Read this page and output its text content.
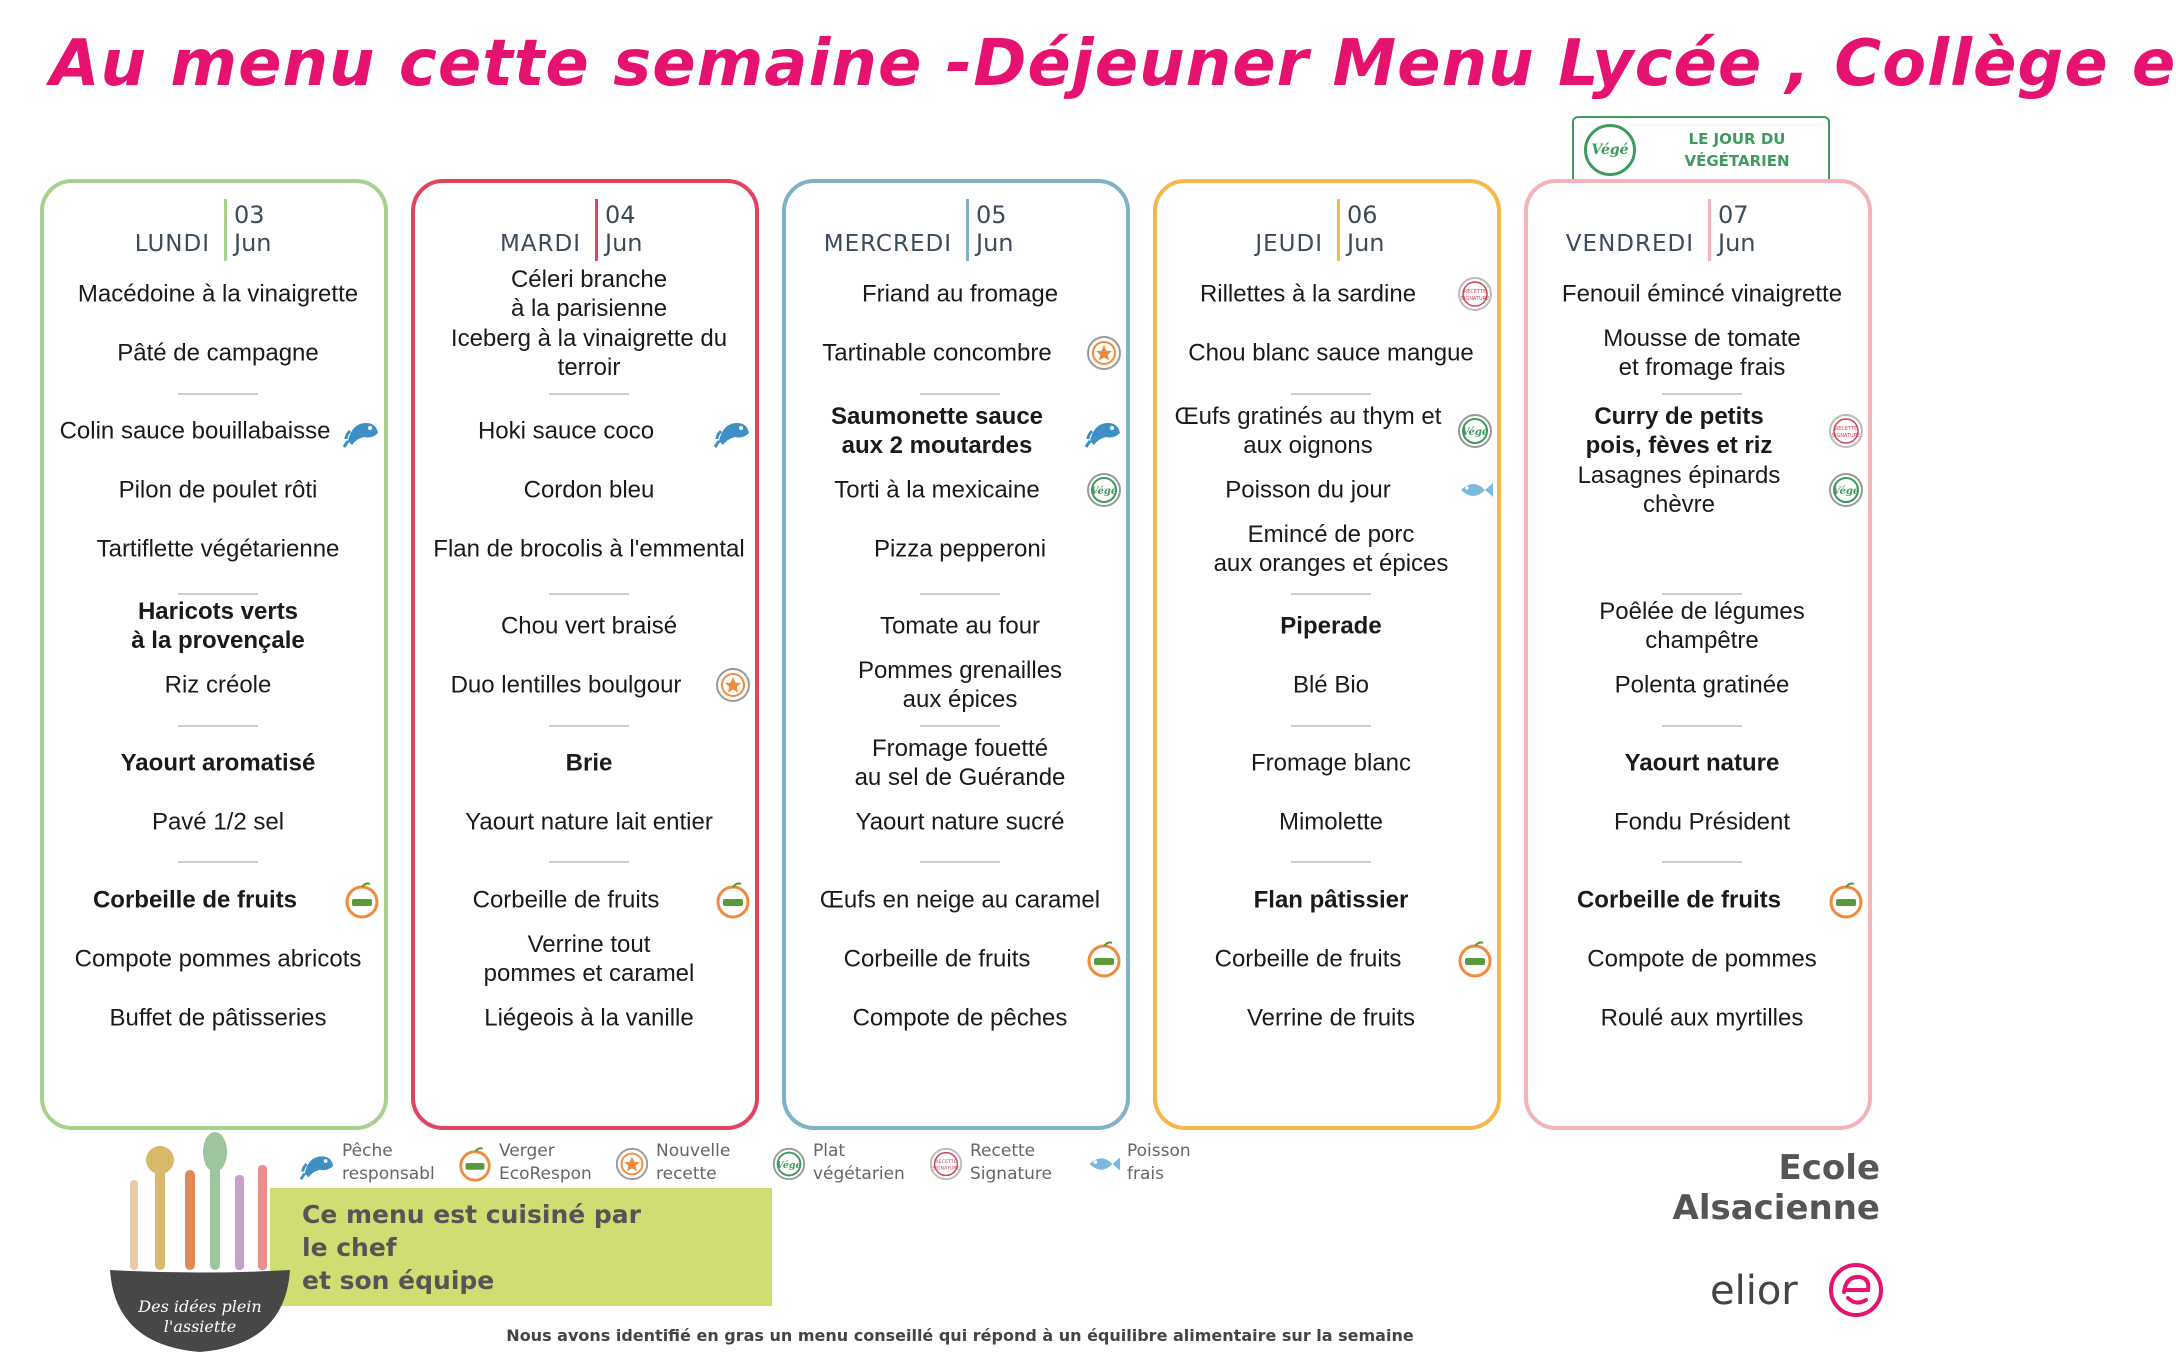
Au menu cette semaine -Déjeuner Menu Lycée , Collège e
Végé
LE JOUR DU
VÉGÉTARIEN
LUNDI
03
Jun
Macédoine à la vinaigrette
Pâté de campagne
Colin sauce bouillabaisse
Pilon de poulet rôti
Tartiflette végétarienne
Haricots verts
à la provençale
Riz créole
Yaourt aromatisé
Pavé 1/2 sel
Corbeille de fruits
Compote pommes abricots
Buffet de pâtisseries
MARDI
04
Jun
Céleri branche
à la parisienne
Iceberg à la vinaigrette du
terroir
Hoki sauce coco
Cordon bleu
Flan de brocolis à l'emmental
Chou vert braisé
Duo lentilles boulgour
Brie
Yaourt nature lait entier
Corbeille de fruits
Verrine tout
pommes et caramel
Liégeois à la vanille
MERCREDI
05
Jun
Friand au fromage
Tartinable concombre
Saumonette sauce
aux 2 moutardes
Torti à la mexicaine	Végé
Pizza pepperoni
Tomate au four
Pommes grenailles
aux épices
Fromage fouetté
au sel de Guérande
Yaourt nature sucré
Œufs en neige au caramel
Corbeille de fruits
Compote de pêches
JEUDI
06
Jun
Rillettes à la sardine	RECETTE
SIGNATURE
Chou blanc sauce mangue
Œufs gratinés au thym et
aux oignons	Végé
Poisson du jour
Emincé de porc
aux oranges et épices
Piperade
Blé Bio
Fromage blanc
Mimolette
Flan pâtissier
Corbeille de fruits
Verrine de fruits
VENDREDI
07
Jun
Fenouil émincé vinaigrette
Mousse de tomate
et fromage frais
Curry de petits
pois, fèves et riz
RECETTE
SIGNATURE
Lasagnes épinards
chèvre	Végé
Poêlée de légumes
champêtre
Polenta gratinée
Yaourt nature
Fondu Président
Corbeille de fruits
Compote de pommes
Roulé aux myrtilles
Pêche
responsabl
Verger
EcoRespon
Nouvelle
recette	Végé
Plat
végétarien
RECETTE
SIGNATURE
Recette
Signature
Poisson
frais	Ecole Alsacienne
Ce menu est cuisiné par
le chef
et son équipe
Des idées plein
l'assiette
elior
Nous avons identifié en gras un menu conseillé qui répond à un équilibre alimentaire sur la semaine
